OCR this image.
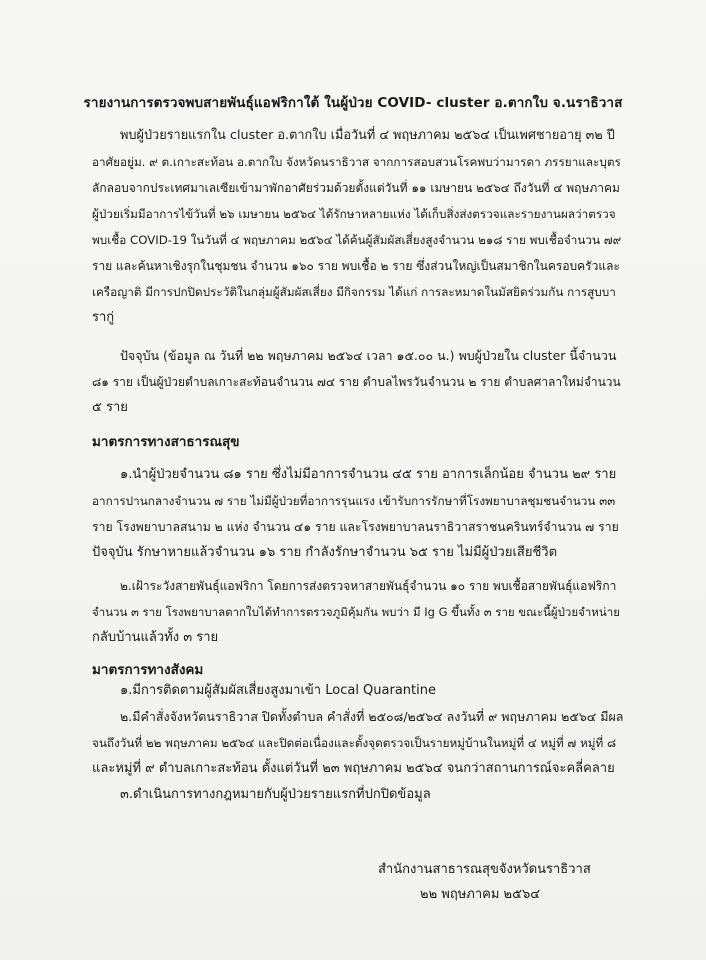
รายงานการตรวจพบสายพันธุ์แอฟริกาใต้ ในผู้ป่วย COVID- cluster อ.ตากใบ จ.นราธิวาส
พบผู้ป่วยรายแรกใน cluster อ.ตากใบ เมื่อวันที่ ๔ พฤษภาคม ๒๕๖๔ เป็นเพศชายอายุ ๓๒ ปี
อาศัยอยู่ม. ๙ ต.เกาะสะท้อน อ.ตากใบ จังหวัดนราธิวาส จากการสอบสวนโรคพบว่ามารดา ภรรยาและบุตร
ลักลอบจากประเทศมาเลเซียเข้ามาพักอาศัยร่วมด้วยตั้งแต่วันที่ ๑๑ เมษายน ๒๕๖๔ ถึงวันที่ ๔ พฤษภาคม
ผู้ป่วยเริ่มมีอาการไข้วันที่ ๒๖ เมษายน ๒๕๖๔ ได้รักษาหลายแห่ง ได้เก็บสิ่งส่งตรวจและรายงานผลว่าตรวจ
พบเชื้อ COVID-19 ในวันที่ ๔ พฤษภาคม ๒๕๖๔ ได้ค้นผู้สัมผัสเสี่ยงสูงจำนวน ๒๑๘ ราย พบเชื้อจำนวน ๗๙
ราย และค้นหาเชิงรุกในชุมชน จำนวน ๑๖๐ ราย พบเชื้อ ๒ ราย ซึ่งส่วนใหญ่เป็นสมาชิกในครอบครัวและ
เครือญาติ มีการปกปิดประวัติในกลุ่มผู้สัมผัสเสี่ยง มีกิจกรรม ได้แก่ การละหมาดในมัสยิดร่วมกัน การสูบบา
รากู่
ปัจจุบัน (ข้อมูล ณ วันที่ ๒๒ พฤษภาคม ๒๕๖๔ เวลา ๑๕.๐๐ น.) พบผู้ป่วยใน cluster นี้จำนวน
๘๑ ราย เป็นผู้ป่วยตำบลเกาะสะท้อนจำนวน ๗๔ ราย ตำบลไพรวันจำนวน ๒ ราย ตำบลศาลาใหม่จำนวน
๕ ราย
มาตรการทางสาธารณสุข
๑.นำผู้ป่วยจำนวน ๘๑ ราย ซึ่งไม่มีอาการจำนวน ๔๕ ราย อาการเล็กน้อย จำนวน ๒๙ ราย
อาการปานกลางจำนวน ๗ ราย ไม่มีผู้ป่วยที่อาการรุนแรง เข้ารับการรักษาที่โรงพยาบาลชุมชนจำนวน ๓๓
ราย โรงพยาบาลสนาม ๒ แห่ง จำนวน ๔๑ ราย และโรงพยาบาลนราธิวาสราชนครินทร์จำนวน ๗ ราย
ปัจจุบัน รักษาหายแล้วจำนวน ๑๖ ราย กำลังรักษาจำนวน ๖๕ ราย ไม่มีผู้ป่วยเสียชีวิต
๒.เฝ้าระวังสายพันธุ์แอฟริกา โดยการส่งตรวจหาสายพันธุ์จำนวน ๑๐ ราย พบเชื้อสายพันธุ์แอฟริกา
จำนวน ๓ ราย โรงพยาบาลตากใบได้ทำการตรวจภูมิคุ้มกัน พบว่า มี Ig G ขึ้นทั้ง ๓ ราย ขณะนี้ผู้ป่วยจำหน่าย
กลับบ้านแล้วทั้ง ๓ ราย
มาตรการทางสังคม
๑.มีการติดตามผู้สัมผัสเสี่ยงสูงมาเข้า Local Quarantine
๒.มีคำสั่งจังหวัดนราธิวาส ปิดทั้งตำบล คำสั่งที่ ๒๕๐๘/๒๕๖๔ ลงวันที่ ๙ พฤษภาคม ๒๕๖๔ มีผล
จนถึงวันที่ ๒๒ พฤษภาคม ๒๕๖๔ และปิดต่อเนื่องและตั้งจุดตรวจเป็นรายหมู่บ้านในหมู่ที่ ๔ หมู่ที่ ๗ หมู่ที่ ๘
และหมู่ที่ ๙ ตำบลเกาะสะท้อน ตั้งแต่วันที่ ๒๓ พฤษภาคม ๒๕๖๔ จนกว่าสถานการณ์จะคลี่คลาย
๓.ดำเนินการทางกฎหมายกับผู้ป่วยรายแรกที่ปกปิดข้อมูล
สำนักงานสาธารณสุขจังหวัดนราธิวาส
๒๒ พฤษภาคม ๒๕๖๔
